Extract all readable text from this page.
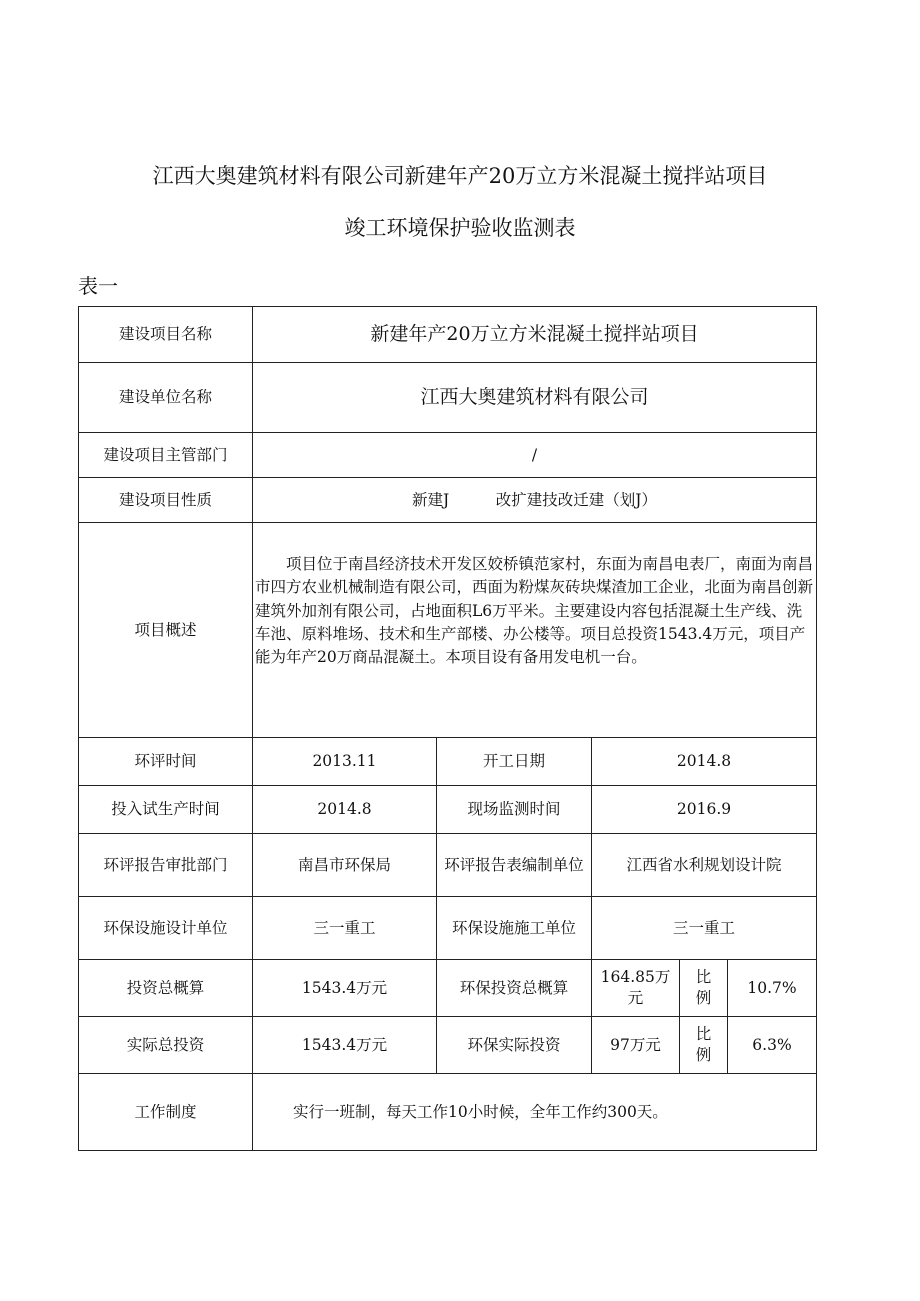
江西大奥建筑材料有限公司新建年产20万立方米混凝土搅拌站项目
竣工环境保护验收监测表
表一
建设项目名称	新建年产20万立方米混凝土搅拌站项目				
建设单位名称	江西大奥建筑材料有限公司				
建设项目主管部门	/				
建设项目性质	新建J　　　改扩建技改迁建（划J）				
项目概述	项目位于南昌经济技术开发区姣桥镇范家村，东面为南昌电表厂，南面为南昌市四方农业机械制造有限公司，西面为粉煤灰砖块煤渣加工企业，北面为南昌创新建筑外加剂有限公司，占地面积L6万平米。主要建设内容包括混凝土生产线、洗车池、原料堆场、技术和生产部楼、办公楼等。项目总投资1543.4万元，项目产能为年产20万商品混凝土。本项目设有备用发电机一台。				

环评时间	2013.11	开工日期	2014.8		
投入试生产时间	2014.8	现场监测时间	2016.9		
环评报告审批部门	南昌市环保局	环评报告表编制单位	江西省水利规划设计院		
环保设施设计单位	三一重工	环保设施施工单位	三一重工		
投资总概算	1543.4万元	环保投资总概算	164.85万元	比例	10.7%
实际总投资	1543.4万元	环保实际投资	97万元	比例	6.3%
工作制度	实行一班制，每天工作10小时候，全年工作约300天。				
